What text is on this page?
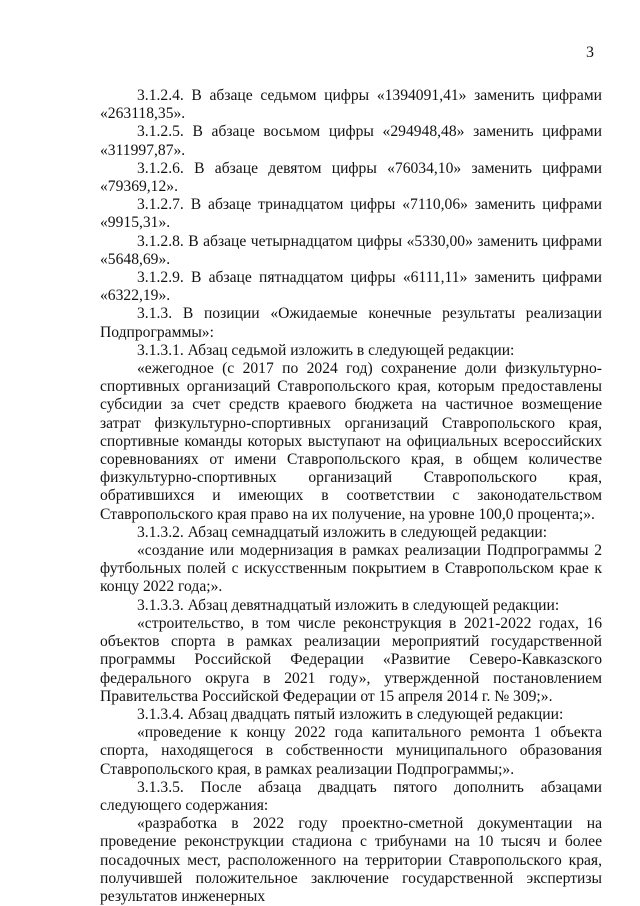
3

3.1.2.4. В абзаце седьмом цифры «1394091,41» заменить цифрами «263118,35».

3.1.2.5. В абзаце восьмом цифры «294948,48» заменить цифрами «311997,87».

3.1.2.6. В абзаце девятом цифры «76034,10» заменить цифрами «79369,12».

3.1.2.7. В абзаце тринадцатом цифры «7110,06» заменить цифрами «9915,31».

3.1.2.8. В абзаце четырнадцатом цифры «5330,00» заменить цифрами «5648,69».

3.1.2.9. В абзаце пятнадцатом цифры «6111,11» заменить цифрами «6322,19».

3.1.3. В позиции «Ожидаемые конечные результаты реализации Подпрограммы»:

3.1.3.1. Абзац седьмой изложить в следующей редакции:

«ежегодное (с 2017 по 2024 год) сохранение доли физкультурно-спортивных организаций Ставропольского края, которым предоставлены субсидии за счет средств краевого бюджета на частичное возмещение затрат физкультурно-спортивных организаций Ставропольского края, спортивные команды которых выступают на официальных всероссийских соревнованиях от имени Ставропольского края, в общем количестве физкультурно-спортивных организаций Ставропольского края, обратившихся и имеющих в соответствии с законодательством Ставропольского края право на их получение, на уровне 100,0 процента;».

3.1.3.2. Абзац семнадцатый изложить в следующей редакции:

«создание или модернизация в рамках реализации Подпрограммы 2 футбольных полей с искусственным покрытием в Ставропольском крае к концу 2022 года;».

3.1.3.3. Абзац девятнадцатый изложить в следующей редакции:

«строительство, в том числе реконструкция в 2021-2022 годах, 16 объектов спорта в рамках реализации мероприятий государственной программы Российской Федерации «Развитие Северо-Кавказского федерального округа в 2021 году», утвержденной постановлением Правительства Российской Федерации от 15 апреля 2014 г. № 309;».

3.1.3.4. Абзац двадцать пятый изложить в следующей редакции:

«проведение к концу 2022 года капитального ремонта 1 объекта спорта, находящегося в собственности муниципального образования Ставропольского края, в рамках реализации Подпрограммы;».

3.1.3.5. После абзаца двадцать пятого дополнить абзацами следующего содержания:

«разработка в 2022 году проектно-сметной документации на проведение реконструкции стадиона с трибунами на 10 тысяч и более посадочных мест, расположенного на территории Ставропольского края, получившей положительное заключение государственной экспертизы результатов инженерных
